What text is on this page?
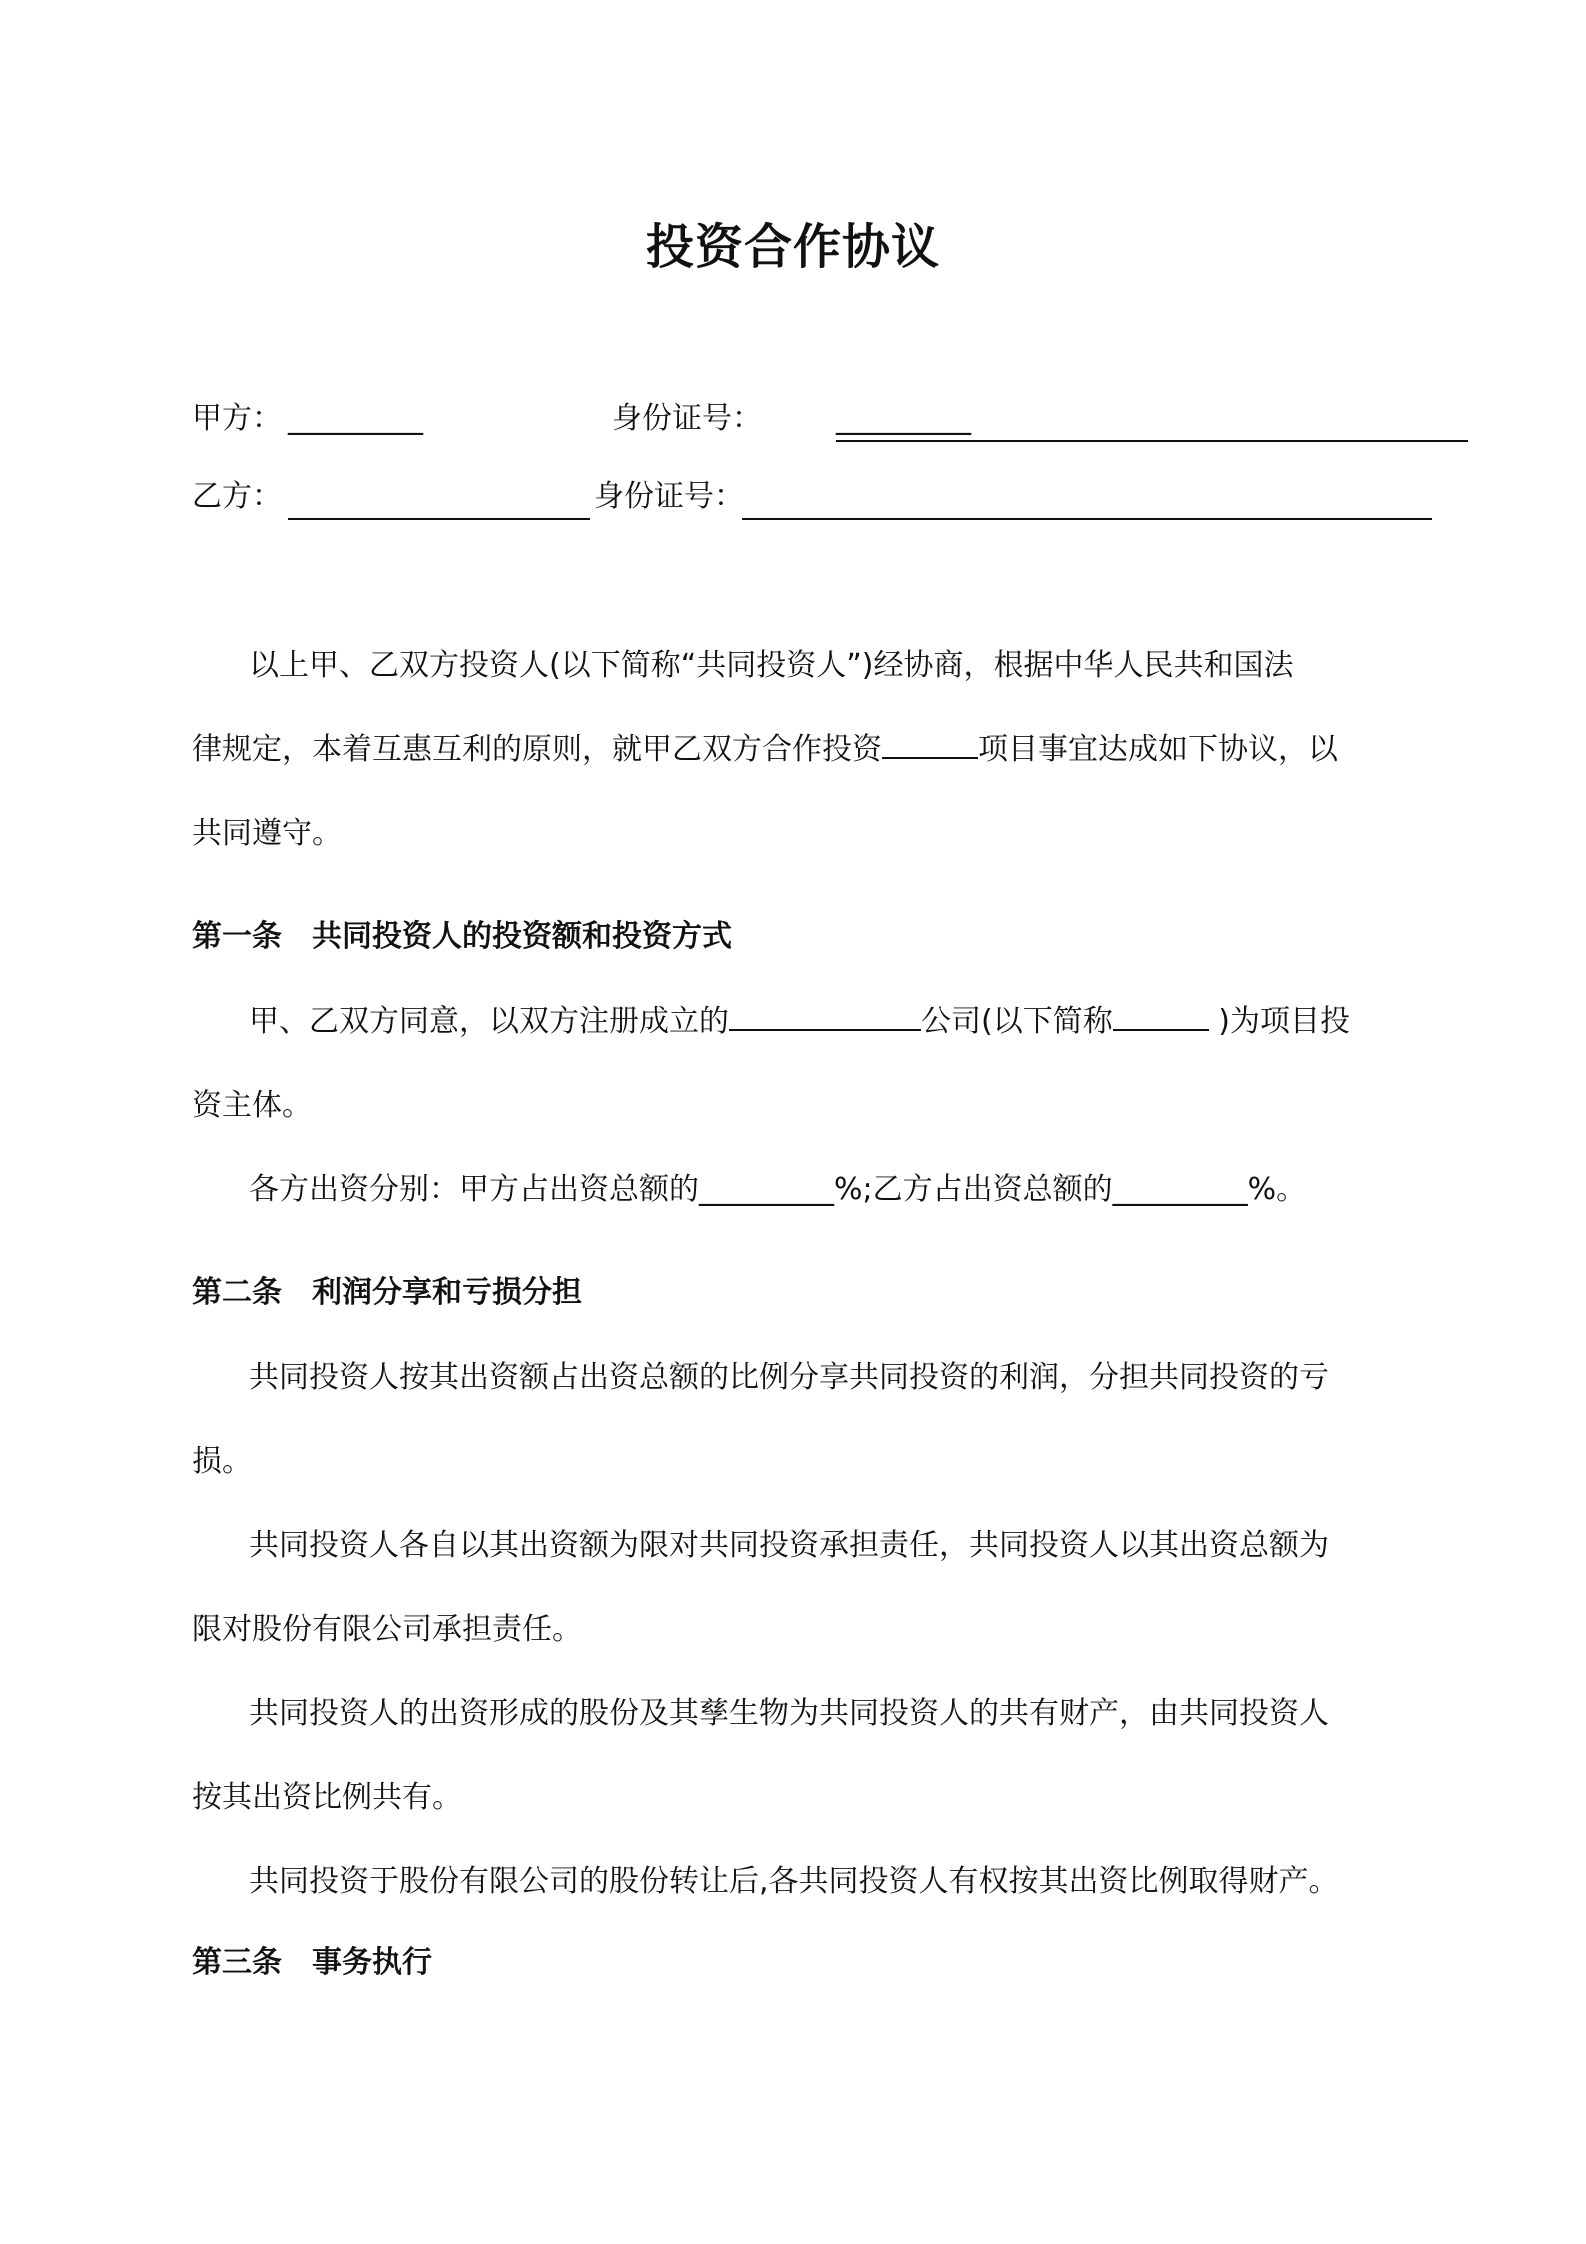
投资合作协议
甲方： _________	身份证号： _________
乙方：	身份证号：
以上甲、乙双方投资人(以下简称“共同投资人”)经协商，根据中华人民共和国法
律规定，本着互惠互利的原则，就甲乙双方合作投资	项目事宜达成如下协议，以
共同遵守。
第一条 共同投资人的投资额和投资方式
甲、乙双方同意，以双方注册成立的	公司(以下简称	)为项目投
资主体。
各方出资分别：甲方占出资总额的_________%;乙方占出资总额的_________%。
第二条 利润分享和亏损分担
共同投资人按其出资额占出资总额的比例分享共同投资的利润，分担共同投资的亏
损。
共同投资人各自以其出资额为限对共同投资承担责任，共同投资人以其出资总额为
限对股份有限公司承担责任。
共同投资人的出资形成的股份及其孳生物为共同投资人的共有财产，由共同投资人
按其出资比例共有。
共同投资于股份有限公司的股份转让后,各共同投资人有权按其出资比例取得财产。
第三条 事务执行
